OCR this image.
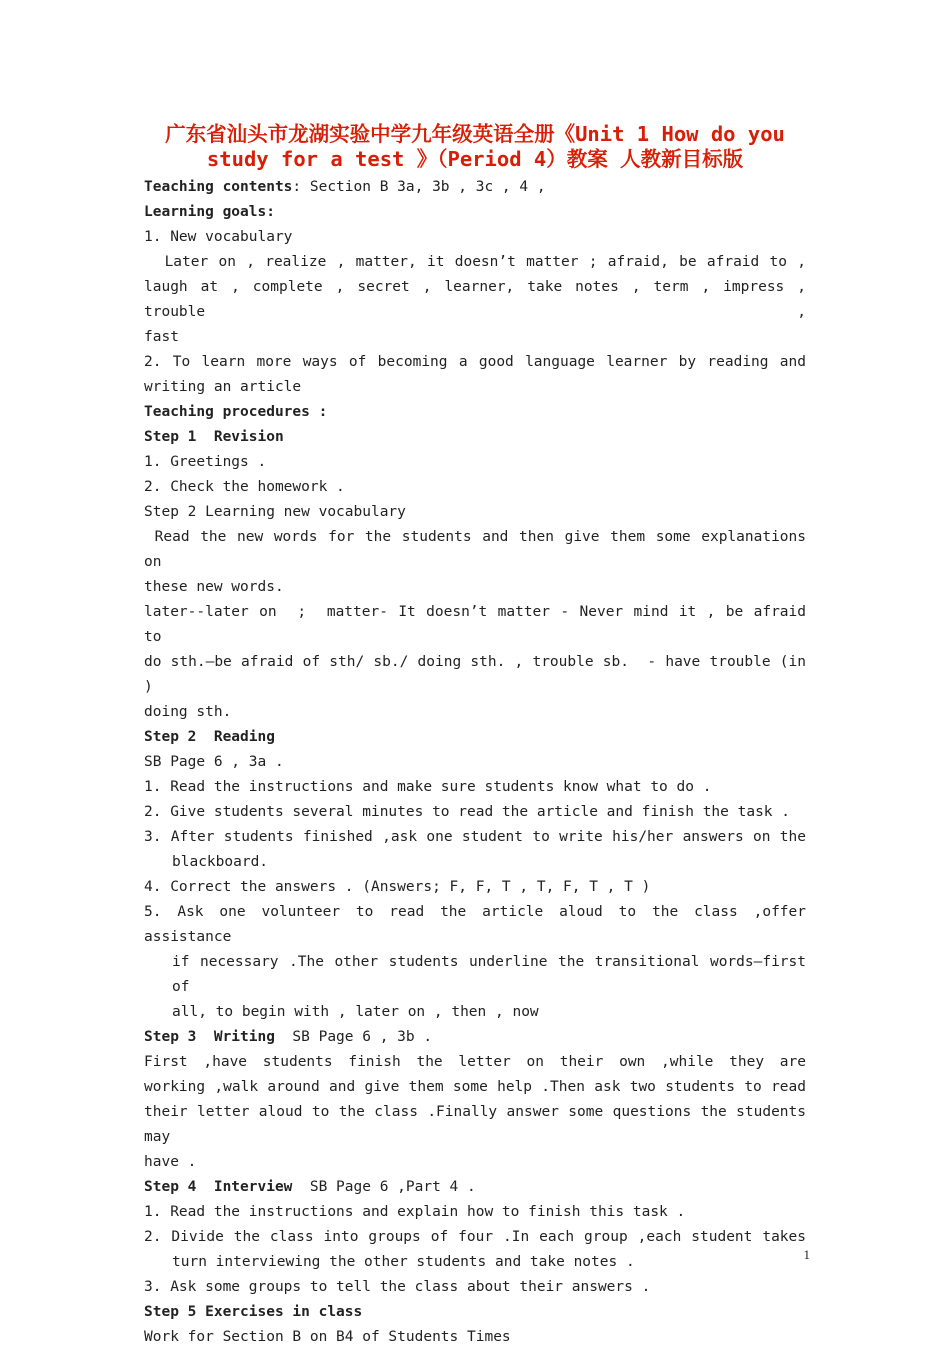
广东省汕头市龙湖实验中学九年级英语全册《Unit 1 How do you
study for a test 》（Period 4）教案 人教新目标版
Teaching contents: Section B 3a, 3b , 3c , 4 ,
Learning goals:
1. New vocabulary
Later on , realize , matter, it doesn’t matter ; afraid, be afraid to ,
laugh at , complete , secret , learner, take notes , term , impress , trouble ,
fast
2. To learn more ways of becoming a good language learner by reading and
writing an article
Teaching procedures :
Step 1  Revision
1. Greetings .
2. Check the homework .
Step 2 Learning new vocabulary
Read the new words for the students and then give them some explanations on
these new words.
later--later on  ;  matter- It doesn’t matter - Never mind it , be afraid to
do sth.—be afraid of sth/ sb./ doing sth. , trouble sb.  - have trouble (in )
doing sth.
Step 2  Reading
SB Page 6 , 3a .
1. Read the instructions and make sure students know what to do .
2. Give students several minutes to read the article and finish the task .
3. After students finished ,ask one student to write his/her answers on the
blackboard.
4. Correct the answers . (Answers; F, F, T , T, F, T , T )
5. Ask one volunteer to read the article aloud to the class ,offer assistance
if necessary .The other students underline the transitional words—first of
all, to begin with , later on , then , now
Step 3  Writing  SB Page 6 , 3b .
First ,have students finish the letter on their own ,while they are
working ,walk around and give them some help .Then ask two students to read
their letter aloud to the class .Finally answer some questions the students may
have .
Step 4  Interview  SB Page 6 ,Part 4 .
1. Read the instructions and explain how to finish this task .
2. Divide the class into groups of four .In each group ,each student takes
turn interviewing the other students and take notes .
3. Ask some groups to tell the class about their answers .
Step 5 Exercises in class
Work for Section B on B4 of Students Times
1
